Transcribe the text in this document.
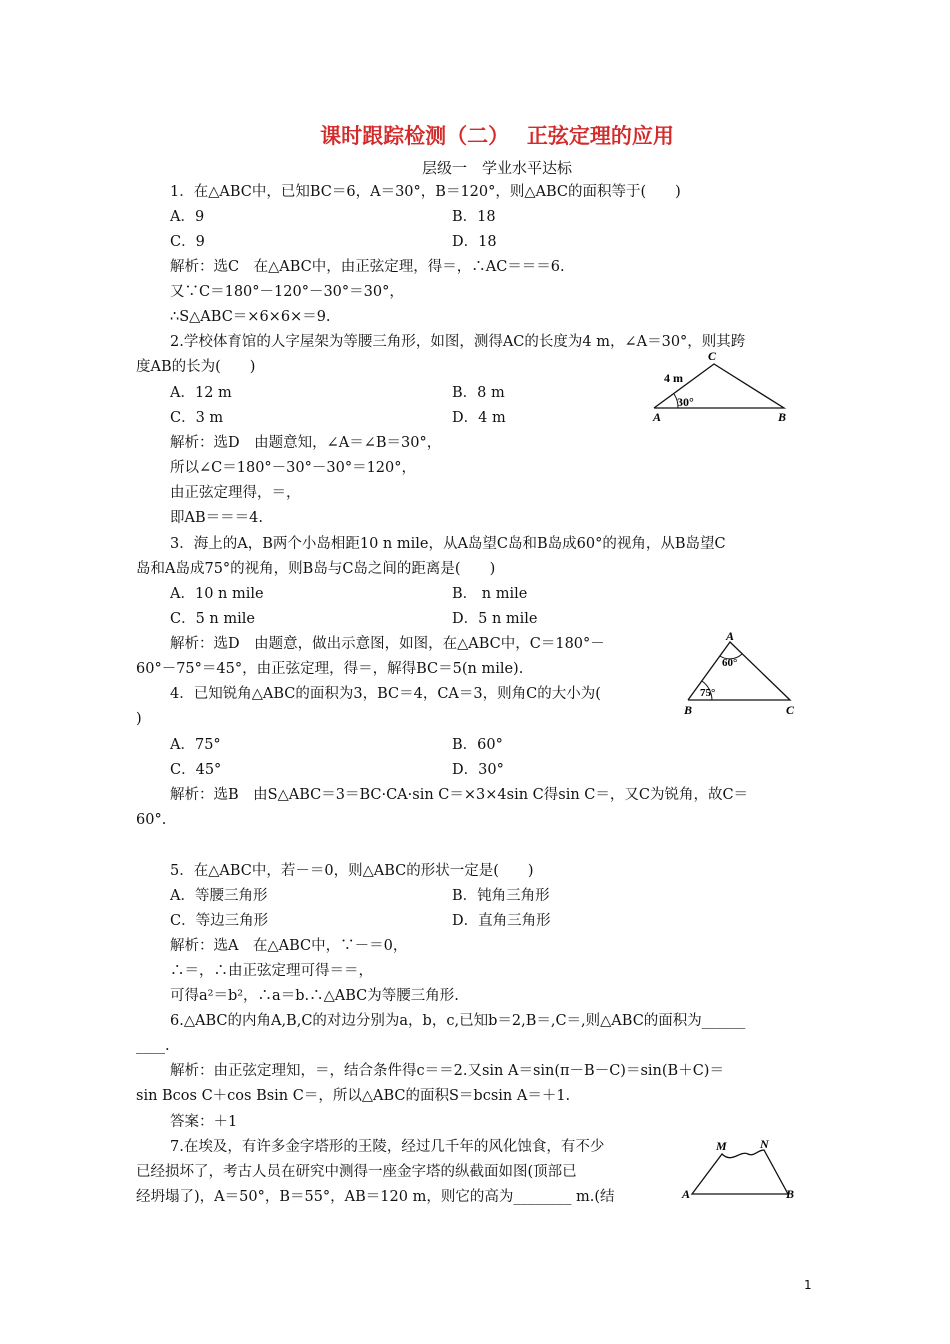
课时跟踪检测（二）　 正弦定理的应用
层级一　学业水平达标
1．在△ABC中，已知BC＝6，A＝30°，B＝120°，则△ABC的面积等于(　　)
A．9	B．18
C．9	D．18
解析：选C　在△ABC中，由正弦定理，得＝，∴AC＝＝＝6.
又∵C＝180°－120°－30°＝30°，
∴S△ABC＝×6×6×＝9.
2.学校体育馆的人字屋架为等腰三角形，如图，测得AC的长度为4 m，∠A＝30°，则其跨
度AB的长为(　　)
A．12 m	B．8 m
C．3 m	D．4 m
解析：选D　由题意知，∠A＝∠B＝30°，
所以∠C＝180°－30°－30°＝120°，
由正弦定理得，＝，
即AB＝＝＝4.
C
4 m
30°
A	B
3．海上的A，B两个小岛相距10 n mile，从A岛望C岛和B岛成60°的视角，从B岛望C
岛和A岛成75°的视角，则B岛与C岛之间的距离是(　　)
A．10 n mile	B． n mile
C．5 n mile	D．5 n mile
解析：选D　由题意，做出示意图，如图，在△ABC中，C＝180°－
60°－75°＝45°，由正弦定理，得＝，解得BC＝5(n mile).
A
60°
75°
B	C
4．已知锐角△ABC的面积为3，BC＝4，CA＝3，则角C的大小为(
)
A．75°	B．60°
C．45°	D．30°
解析：选B　由S△ABC＝3＝BC·CA·sin C＝×3×4sin C得sin C＝，又C为锐角，故C＝
60°.
5．在△ABC中，若－＝0，则△ABC的形状一定是(　　)
A．等腰三角形	B．钝角三角形
C．等边三角形	D．直角三角形
解析：选A　在△ABC中，∵－＝0，
∴＝，∴由正弦定理可得＝＝，
可得a²＝b²，∴a＝b.∴△ABC为等腰三角形.
6.△ABC的内角A,B,C的对边分别为a，b，c,已知b＝2,B＝,C＝,则△ABC的面积为______
____.
解析：由正弦定理知，＝，结合条件得c＝＝2.又sin A＝sin(π－B－C)＝sin(B＋C)＝
sin Bcos C＋cos Bsin C＝，所以△ABC的面积S＝bcsin A＝＋1.
答案：＋1
7.在埃及，有许多金字塔形的王陵，经过几千年的风化蚀食，有不少
已经损坏了，考古人员在研究中测得一座金字塔的纵截面如图(顶部已
经坍塌了)，A＝50°，B＝55°，AB＝120 m，则它的高为________ m.(结
M	N
A	B
1
